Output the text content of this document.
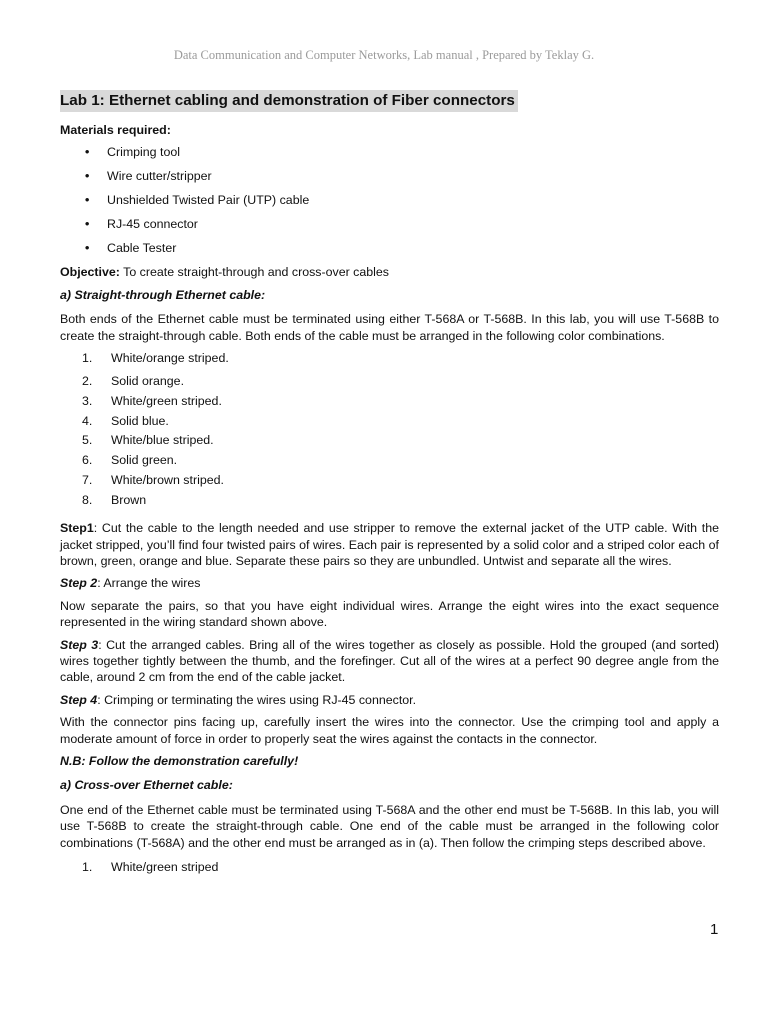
Data Communication and Computer Networks, Lab manual , Prepared by Teklay G.
Lab 1: Ethernet cabling and demonstration of Fiber connectors
Materials required:
• Crimping tool
• Wire cutter/stripper
• Unshielded Twisted Pair (UTP) cable
• RJ-45 connector
• Cable Tester
Objective: To create straight-through and cross-over cables
a) Straight-through Ethernet cable:
Both ends of the Ethernet cable must be terminated using either T-568A or T-568B. In this lab, you will use T-568B to create the straight-through cable. Both ends of the cable must be arranged in the following color combinations.
1.	White/orange striped.
2.	Solid orange.
3.	White/green striped.
4.	Solid blue.
5.	White/blue striped.
6.	Solid green.
7.	White/brown striped.
8.	Brown
Step1: Cut the cable to the length needed and use stripper to remove the external jacket of the UTP cable. With the jacket stripped, you’ll find four twisted pairs of wires. Each pair is represented by a solid color and a striped color each of brown, green, orange and blue. Separate these pairs so they are unbundled. Untwist and separate all the wires.
Step 2: Arrange the wires
Now separate the pairs, so that you have eight individual wires. Arrange the eight wires into the exact sequence represented in the wiring standard shown above.
Step 3: Cut the arranged cables. Bring all of the wires together as closely as possible. Hold the grouped (and sorted) wires together tightly between the thumb, and the forefinger. Cut all of the wires at a perfect 90 degree angle from the cable, around 2 cm from the end of the cable jacket.
Step 4: Crimping or terminating the wires using RJ-45 connector.
With the connector pins facing up, carefully insert the wires into the connector. Use the crimping tool and apply a moderate amount of force in order to properly seat the wires against the contacts in the connector.
N.B: Follow the demonstration carefully!
a) Cross-over Ethernet cable:
One end of the Ethernet cable must be terminated using T-568A and the other end must be T-568B. In this lab, you will use T-568B to create the straight-through cable. One end of the cable must be arranged in the following color combinations (T-568A) and the other end must be arranged as in (a). Then follow the crimping steps described above.
1.	White/green striped
1
